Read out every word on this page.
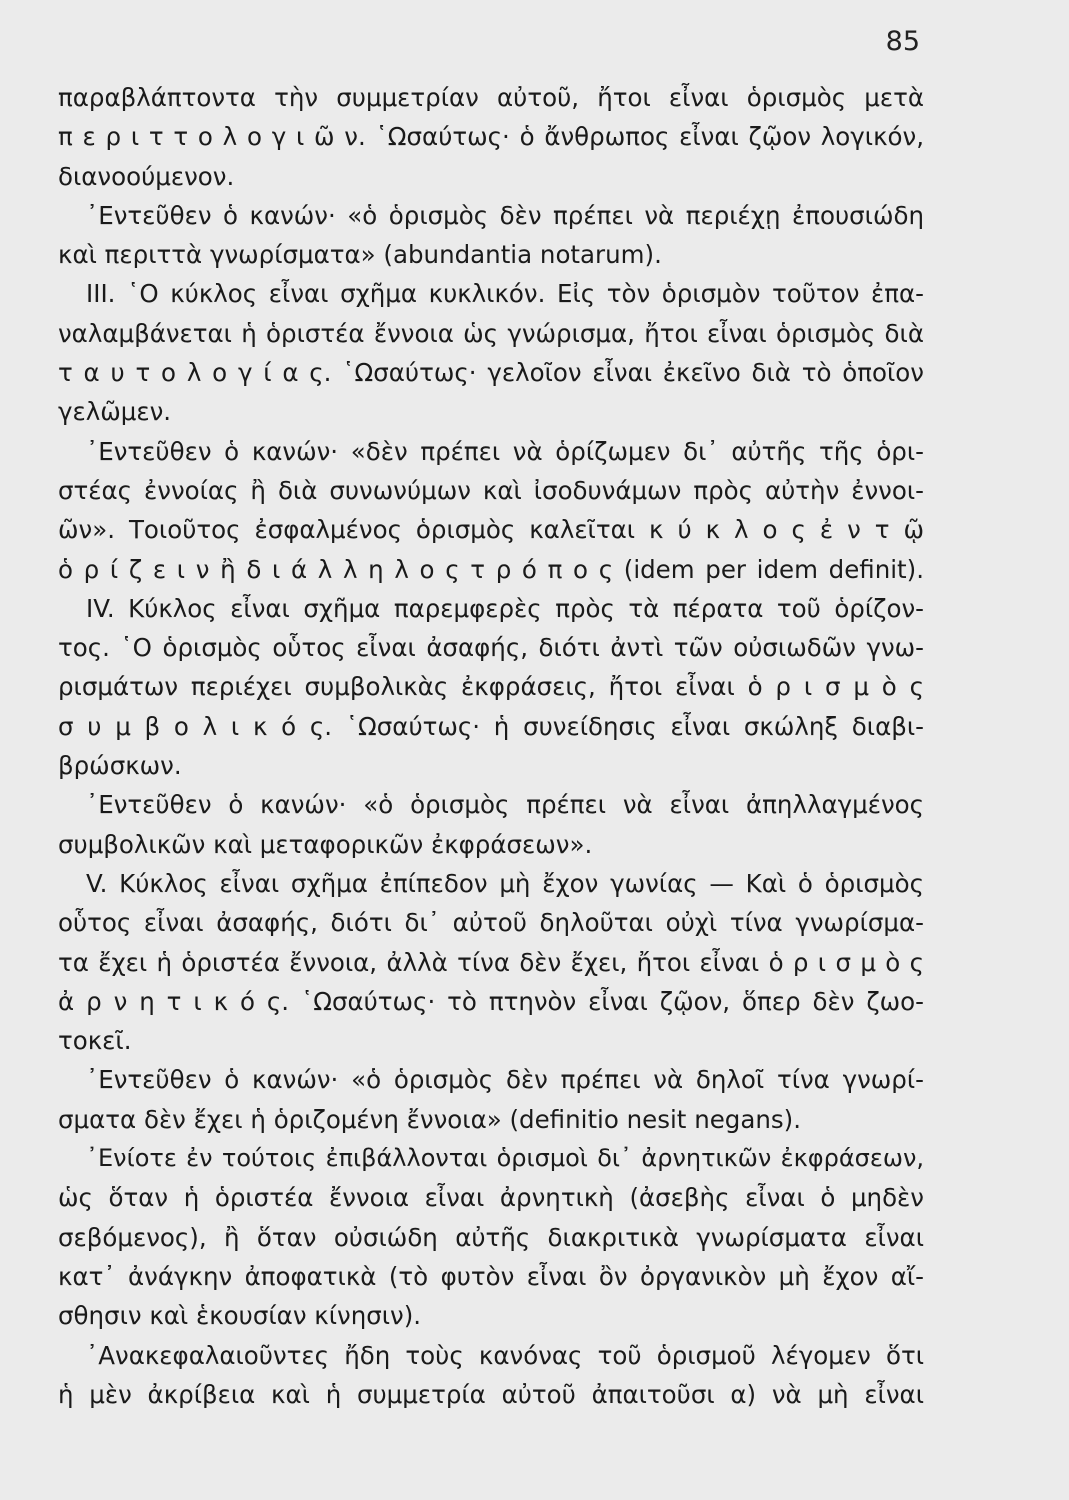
85
παραβλάπτοντα τὴν συμμετρίαν αὐτοῦ, ἤτοι εἶναι ὁρισμὸς μετὰ
π ε ρ ι τ τ ο λ ο γ ι ῶ ν. ῾Ωσαύτως· ὁ ἄνθρωπος εἶναι ζῷον λογικόν,
διανοούμενον.
᾿Εντεῦθεν ὁ κανών· «ὁ ὁρισμὸς δὲν πρέπει νὰ περιέχῃ ἐπουσιώδη
καὶ περιττὰ γνωρίσματα» (abundantia notarum).
III. ῾Ο κύκλος εἶναι σχῆμα κυκλικόν. Εἰς τὸν ὁρισμὸν τοῦτον ἐπα-
ναλαμβάνεται ἡ ὁριστέα ἔννοια ὡς γνώρισμα, ἤτοι εἶναι ὁρισμὸς διὰ
τ α υ τ ο λ ο γ ί α ς. ῾Ωσαύτως· γελοῖον εἶναι ἐκεῖνο διὰ τὸ ὁποῖον
γελῶμεν.
᾿Εντεῦθεν ὁ κανών· «δὲν πρέπει νὰ ὁρίζωμεν δι᾿ αὐτῆς τῆς ὁρι-
στέας ἐννοίας ἢ διὰ συνωνύμων καὶ ἰσοδυνάμων πρὸς αὐτὴν ἐννοι-
ῶν». Τοιοῦτος ἐσφαλμένος ὁρισμὸς καλεῖται κ ύ κ λ ο ς ἐ ν τ ῷ
ὁ ρ ί ζ ε ι ν ἢ δ ι ά λ λ η λ ο ς τ ρ ό π ο ς (idem per idem definit).
IV. Κύκλος εἶναι σχῆμα παρεμφερὲς πρὸς τὰ πέρατα τοῦ ὁρίζον-
τος. ῾Ο ὁρισμὸς οὗτος εἶναι ἀσαφής, διότι ἀντὶ τῶν οὐσιωδῶν γνω-
ρισμάτων περιέχει συμβολικὰς ἐκφράσεις, ἤτοι εἶναι ὁ ρ ι σ μ ὸ ς
σ υ μ β ο λ ι κ ό ς. ῾Ωσαύτως· ἡ συνείδησις εἶναι σκώληξ διαβι-
βρώσκων.
᾿Εντεῦθεν ὁ κανών· «ὁ ὁρισμὸς πρέπει νὰ εἶναι ἀπηλλαγμένος
συμβολικῶν καὶ μεταφορικῶν ἐκφράσεων».
V. Κύκλος εἶναι σχῆμα ἐπίπεδον μὴ ἔχον γωνίας — Καὶ ὁ ὁρισμὸς
οὗτος εἶναι ἀσαφής, διότι δι᾿ αὐτοῦ δηλοῦται οὐχὶ τίνα γνωρίσμα-
τα ἔχει ἡ ὁριστέα ἔννοια, ἀλλὰ τίνα δὲν ἔχει, ἤτοι εἶναι ὁ ρ ι σ μ ὸ ς
ἀ ρ ν η τ ι κ ό ς. ῾Ωσαύτως· τὸ πτηνὸν εἶναι ζῷον, ὅπερ δὲν ζωο-
τοκεῖ.
᾿Εντεῦθεν ὁ κανών· «ὁ ὁρισμὸς δὲν πρέπει νὰ δηλοῖ τίνα γνωρί-
σματα δὲν ἔχει ἡ ὁριζομένη ἔννοια» (definitio nesit negans).
᾿Ενίοτε ἐν τούτοις ἐπιβάλλονται ὁρισμοὶ δι᾿ ἀρνητικῶν ἐκφράσεων,
ὡς ὅταν ἡ ὁριστέα ἔννοια εἶναι ἀρνητικὴ (ἀσεβὴς εἶναι ὁ μηδὲν
σεβόμενος), ἢ ὅταν οὐσιώδη αὐτῆς διακριτικὰ γνωρίσματα εἶναι
κατ᾿ ἀνάγκην ἀποφατικὰ (τὸ φυτὸν εἶναι ὂν ὀργανικὸν μὴ ἔχον αἴ-
σθησιν καὶ ἑκουσίαν κίνησιν).
᾿Ανακεφαλαιοῦντες ἤδη τοὺς κανόνας τοῦ ὁρισμοῦ λέγομεν ὅτι
ἡ μὲν ἀκρίβεια καὶ ἡ συμμετρία αὐτοῦ ἀπαιτοῦσι α) νὰ μὴ εἶναι
